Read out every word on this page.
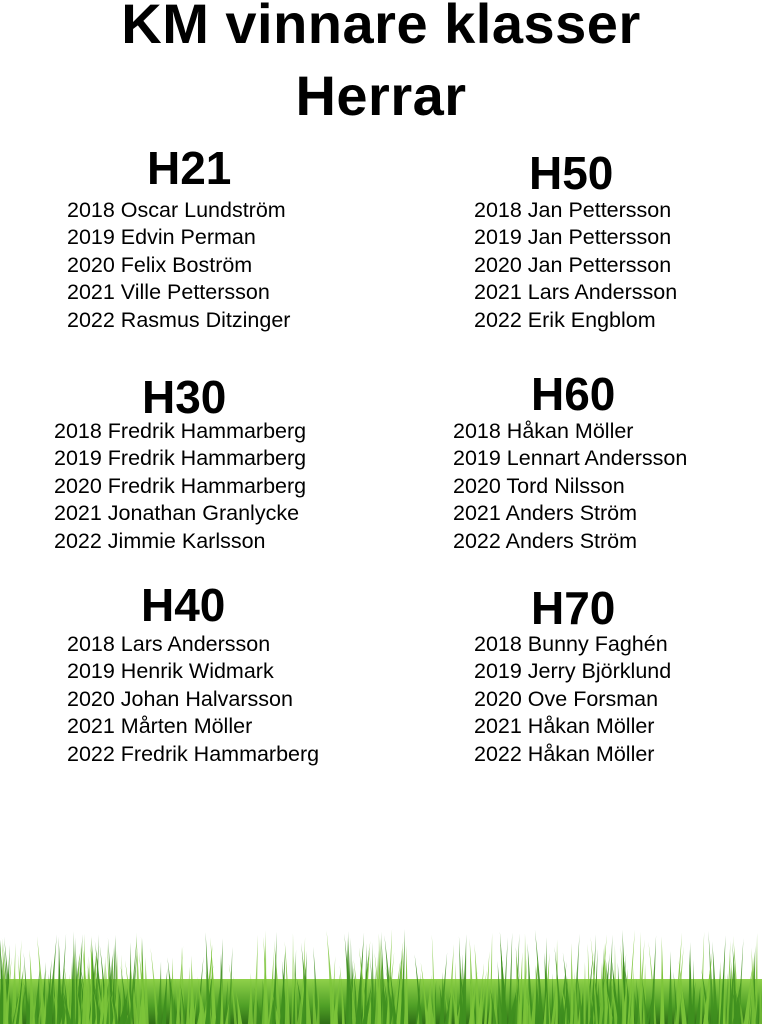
KM vinnare klasser
Herrar
H21
2018 Oscar Lundström
2019 Edvin Perman
2020 Felix Boström
2021 Ville Pettersson
2022 Rasmus Ditzinger
H50
2018 Jan Pettersson
2019 Jan Pettersson
2020 Jan Pettersson
2021 Lars Andersson
2022 Erik Engblom
H30
2018 Fredrik Hammarberg
2019 Fredrik Hammarberg
2020 Fredrik Hammarberg
2021 Jonathan Granlycke
2022 Jimmie Karlsson
H60
2018 Håkan Möller
2019 Lennart Andersson
2020 Tord Nilsson
2021 Anders Ström
2022 Anders Ström
H40
2018 Lars Andersson
2019 Henrik Widmark
2020 Johan Halvarsson
2021 Mårten Möller
2022 Fredrik Hammarberg
H70
2018 Bunny Faghén
2019 Jerry Björklund
2020 Ove Forsman
2021 Håkan Möller
2022 Håkan Möller
